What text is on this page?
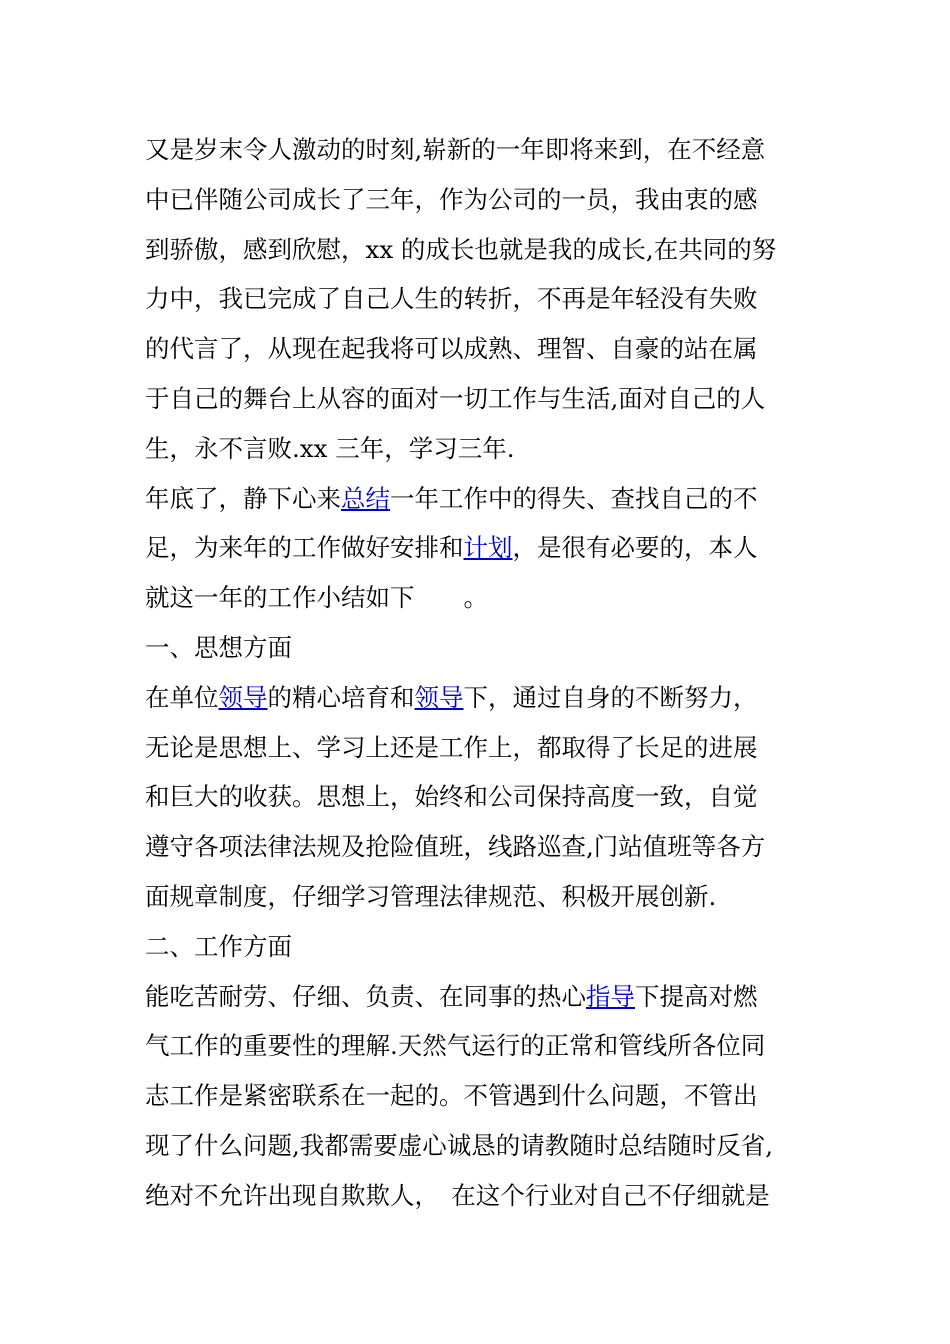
又是岁末令人激动的时刻,崭新的一年即将来到，在不经意
中已伴随公司成长了三年，作为公司的一员，我由衷的感
到骄傲，感到欣慰，xx 的成长也就是我的成长,在共同的努
力中，我已完成了自己人生的转折，不再是年轻没有失败
的代言了，从现在起我将可以成熟、理智、自豪的站在属
于自己的舞台上从容的面对一切工作与生活,面对自己的人
生，永不言败.xx 三年，学习三年.
年底了，静下心来总结一年工作中的得失、查找自己的不
足，为来年的工作做好安排和计划，是很有必要的，本人
就这一年的工作小结如下　　。
一、思想方面
在单位领导的精心培育和领导下，通过自身的不断努力，
无论是思想上、学习上还是工作上，都取得了长足的进展
和巨大的收获。思想上，始终和公司保持高度一致，自觉
遵守各项法律法规及抢险值班，线路巡查,门站值班等各方
面规章制度，仔细学习管理法律规范、积极开展创新.
二、工作方面
能吃苦耐劳、仔细、负责、在同事的热心指导下提高对燃
气工作的重要性的理解.天然气运行的正常和管线所各位同
志工作是紧密联系在一起的。不管遇到什么问题，不管出
现了什么问题,我都需要虚心诚恳的请教随时总结随时反省,
绝对不允许出现自欺欺人，　在这个行业对自己不仔细就是
